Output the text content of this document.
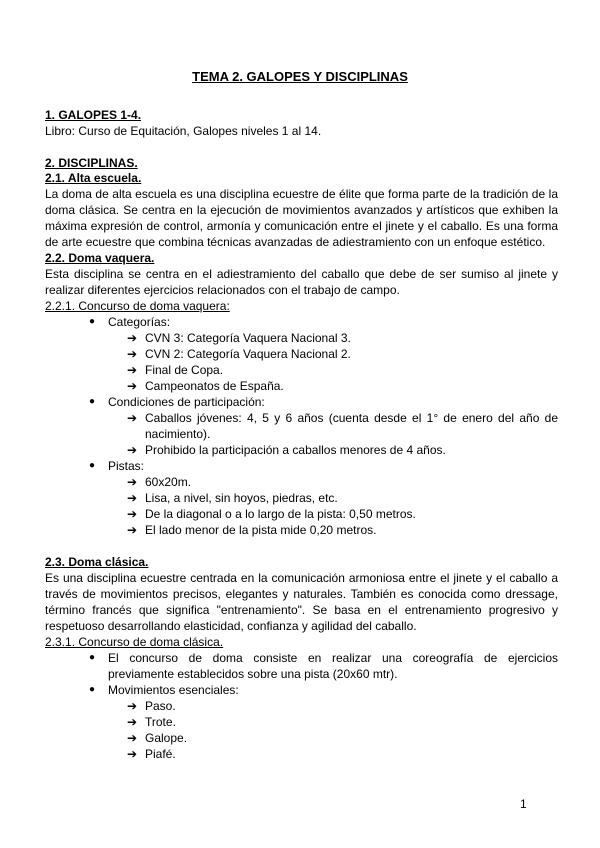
TEMA 2. GALOPES Y DISCIPLINAS
1. GALOPES 1-4.
Libro: Curso de Equitación, Galopes niveles 1 al 14.
2. DISCIPLINAS.
2.1. Alta escuela.
La doma de alta escuela es una disciplina ecuestre de élite que forma parte de la tradición de la
doma clásica. Se centra en la ejecución de movimientos avanzados y artísticos que exhiben la
máxima expresión de control, armonía y comunicación entre el jinete y el caballo. Es una forma
de arte ecuestre que combina técnicas avanzadas de adiestramiento con un enfoque estético.
2.2. Doma vaquera.
Esta disciplina se centra en el adiestramiento del caballo que debe de ser sumiso al jinete y
realizar diferentes ejercicios relacionados con el trabajo de campo.
2.2.1. Concurso de doma vaquera:
● Categorías:
➔ CVN 3: Categoría Vaquera Nacional 3.
➔ CVN 2: Categoría Vaquera Nacional 2.
➔ Final de Copa.
➔ Campeonatos de España.
● Condiciones de participación:
➔ Caballos jóvenes: 4, 5 y 6 años (cuenta desde el 1° de enero del año de
nacimiento).
➔ Prohibido la participación a caballos menores de 4 años.
● Pistas:
➔ 60x20m.
➔ Lisa, a nivel, sin hoyos, piedras, etc.
➔ De la diagonal o a lo largo de la pista: 0,50 metros.
➔ El lado menor de la pista mide 0,20 metros.
2.3. Doma clásica.
Es una disciplina ecuestre centrada en la comunicación armoniosa entre el jinete y el caballo a
través de movimientos precisos, elegantes y naturales. También es conocida como dressage,
término francés que significa "entrenamiento". Se basa en el entrenamiento progresivo y
respetuoso desarrollando elasticidad, confianza y agilidad del caballo.
2.3.1. Concurso de doma clásica.
● El concurso de doma consiste en realizar una coreografía de ejercicios
previamente establecidos sobre una pista (20x60 mtr).
● Movimientos esenciales:
➔ Paso.
➔ Trote.
➔ Galope.
➔ Piafé.
1
